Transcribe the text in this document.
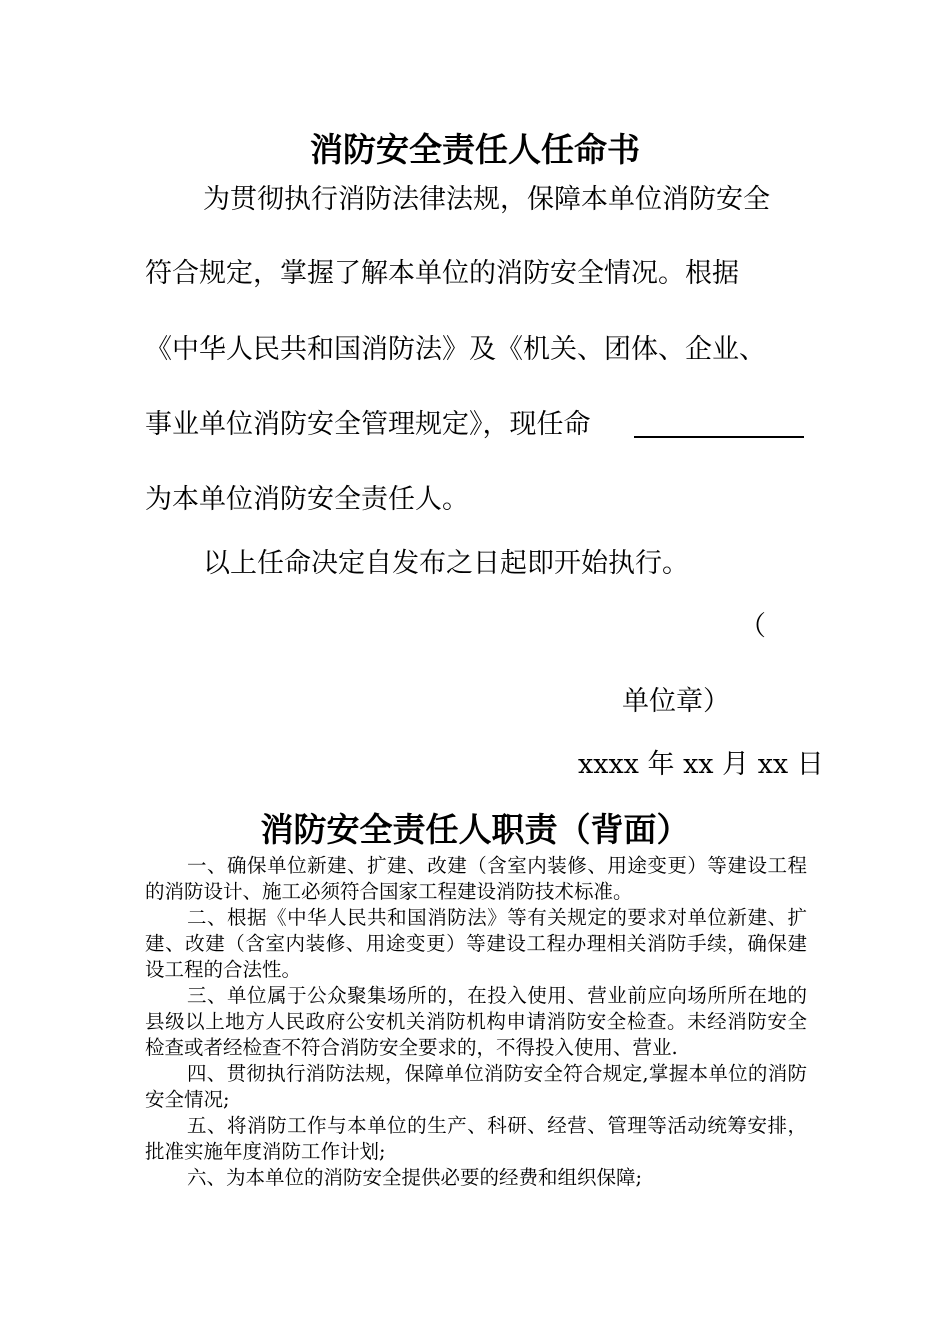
消防安全责任人任命书
为贯彻执行消防法律法规，保障本单位消防安全
符合规定，掌握了解本单位的消防安全情况。根据
《中华人民共和国消防法》及《机关、团体、企业、
事业单位消防安全管理规定》，现任命
为本单位消防安全责任人。
以上任命决定自发布之日起即开始执行。
（
单位章）
xxxx 年 xx 月 xx 日
消防安全责任人职责（背面）

一、确保单位新建、扩建、改建（含室内装修、用途变更）等建设工程的消防设计、施工必须符合国家工程建设消防技术标准。

二、根据《中华人民共和国消防法》等有关规定的要求对单位新建、扩建、改建（含室内装修、用途变更）等建设工程办理相关消防手续，确保建设工程的合法性。

三、单位属于公众聚集场所的，在投入使用、营业前应向场所所在地的县级以上地方人民政府公安机关消防机构申请消防安全检查。未经消防安全检查或者经检查不符合消防安全要求的，不得投入使用、营业.

四、贯彻执行消防法规，保障单位消防安全符合规定,掌握本单位的消防安全情况;

五、将消防工作与本单位的生产、科研、经营、管理等活动统筹安排，批准实施年度消防工作计划;

六、为本单位的消防安全提供必要的经费和组织保障;
